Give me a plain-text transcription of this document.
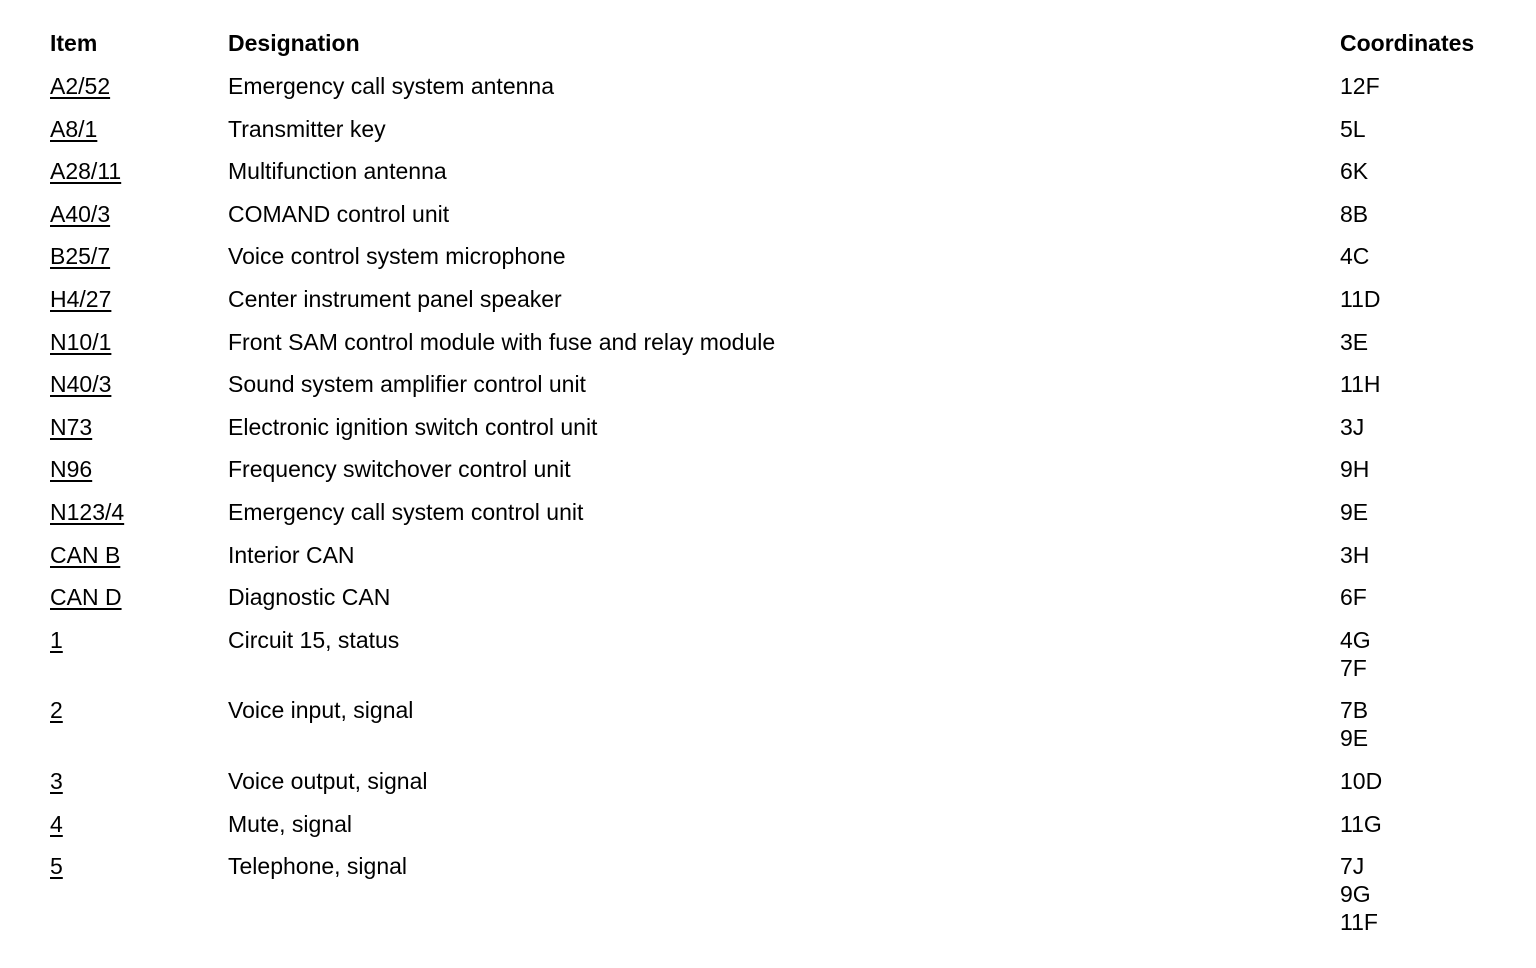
Item	Designation	Coordinates
A2/52	Emergency call system antenna	12F
A8/1	Transmitter key	5L
A28/11	Multifunction antenna	6K
A40/3	COMAND control unit	8B
B25/7	Voice control system microphone	4C
H4/27	Center instrument panel speaker	11D
N10/1	Front SAM control module with fuse and relay module	3E
N40/3	Sound system amplifier control unit	11H
N73	Electronic ignition switch control unit	3J
N96	Frequency switchover control unit	9H
N123/4	Emergency call system control unit	9E
CAN B	Interior CAN	3H
CAN D	Diagnostic CAN	6F
1	Circuit 15, status	4G
7F
2	Voice input, signal	7B
9E
3	Voice output, signal	10D
4	Mute, signal	11G
5	Telephone, signal	7J
9G
11F
